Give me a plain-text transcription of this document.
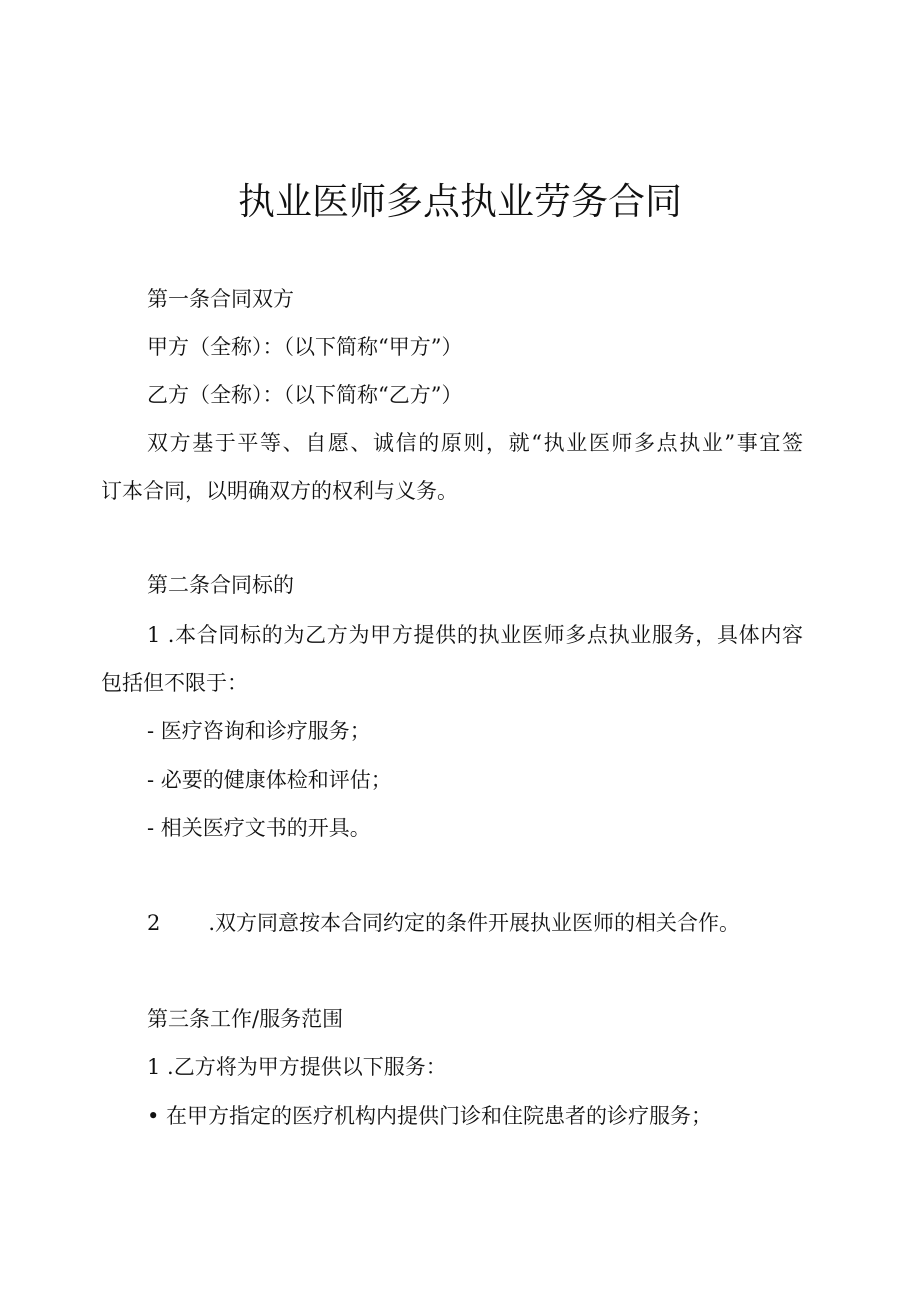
执业医师多点执业劳务合同

第一条合同双方

甲方（全称）：（以下简称“甲方”）

乙方（全称）：（以下简称“乙方”）

双方基于平等、自愿、诚信的原则，就“执业医师多点执业”事宜签

订本合同，以明确双方的权利与义务。

第二条合同标的

1 .本合同标的为乙方为甲方提供的执业医师多点执业服务，具体内容

包括但不限于：

- 医疗咨询和诊疗服务；

- 必要的健康体检和评估；

- 相关医疗文书的开具。

2 .双方同意按本合同约定的条件开展执业医师的相关合作。

第三条工作/服务范围

1 .乙方将为甲方提供以下服务：

• 在甲方指定的医疗机构内提供门诊和住院患者的诊疗服务；
